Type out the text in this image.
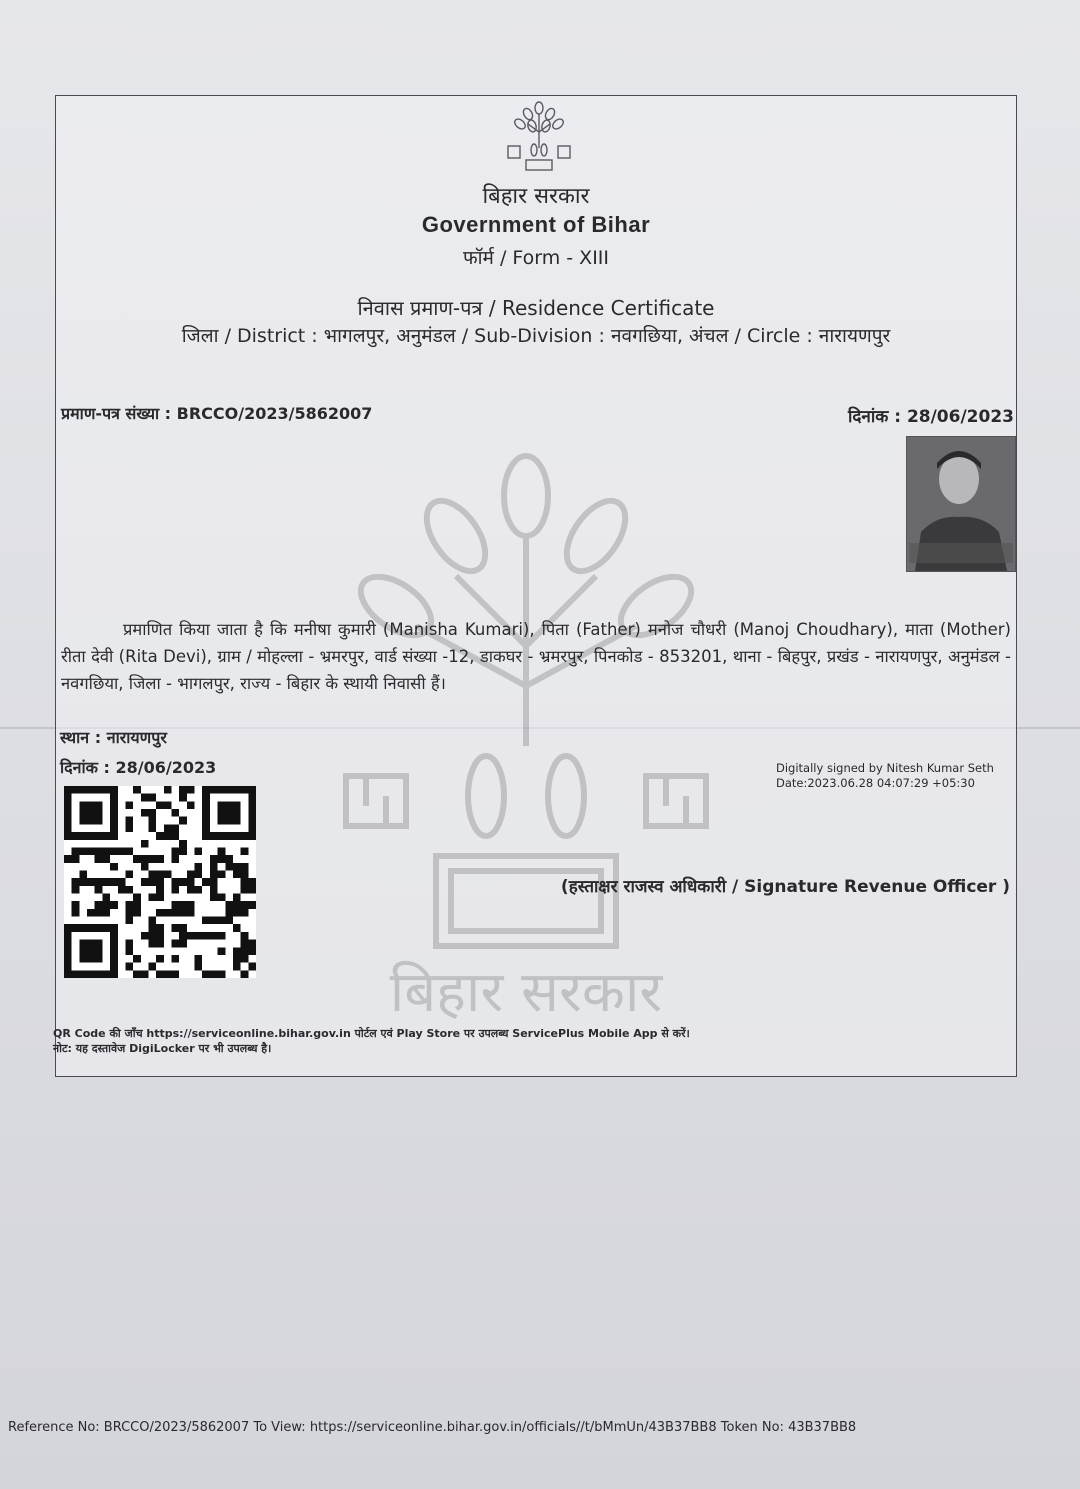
बिहार सरकार
Government of Bihar
फॉर्म / Form - XIII
निवास प्रमाण-पत्र / Residence Certificate
जिला / District : भागलपुर, अनुमंडल / Sub-Division : नवगछिया, अंचल / Circle : नारायणपुर
प्रमाण-पत्र संख्या : BRCCO/2023/5862007	दिनांक : 28/06/2023
बिहार सरकार
प्रमाणित किया जाता है कि मनीषा कुमारी (Manisha Kumari), पिता (Father) मनोज चौधरी (Manoj Choudhary), माता (Mother) रीता देवी (Rita Devi), ग्राम / मोहल्ला - भ्रमरपुर, वार्ड संख्या -12, डाकघर - भ्रमरपुर, पिनकोड - 853201, थाना - बिहपुर, प्रखंड - नारायणपुर, अनुमंडल - नवगछिया, जिला - भागलपुर, राज्य - बिहार के स्थायी निवासी हैं।
स्थान : नारायणपुर
दिनांक : 28/06/2023	Digitally signed by Nitesh Kumar Seth
Date:2023.06.28 04:07:29 +05:30
(हस्ताक्षर राजस्व अधिकारी / Signature Revenue Officer )
QR Code की जाँच https://serviceonline.bihar.gov.in पोर्टल एवं Play Store पर उपलब्ध ServicePlus Mobile App से करें।
नोट: यह दस्तावेज DigiLocker पर भी उपलब्ध है।
Reference No: BRCCO/2023/5862007 To View: https://serviceonline.bihar.gov.in/officials//t/bMmUn/43B37BB8 Token No: 43B37BB8
